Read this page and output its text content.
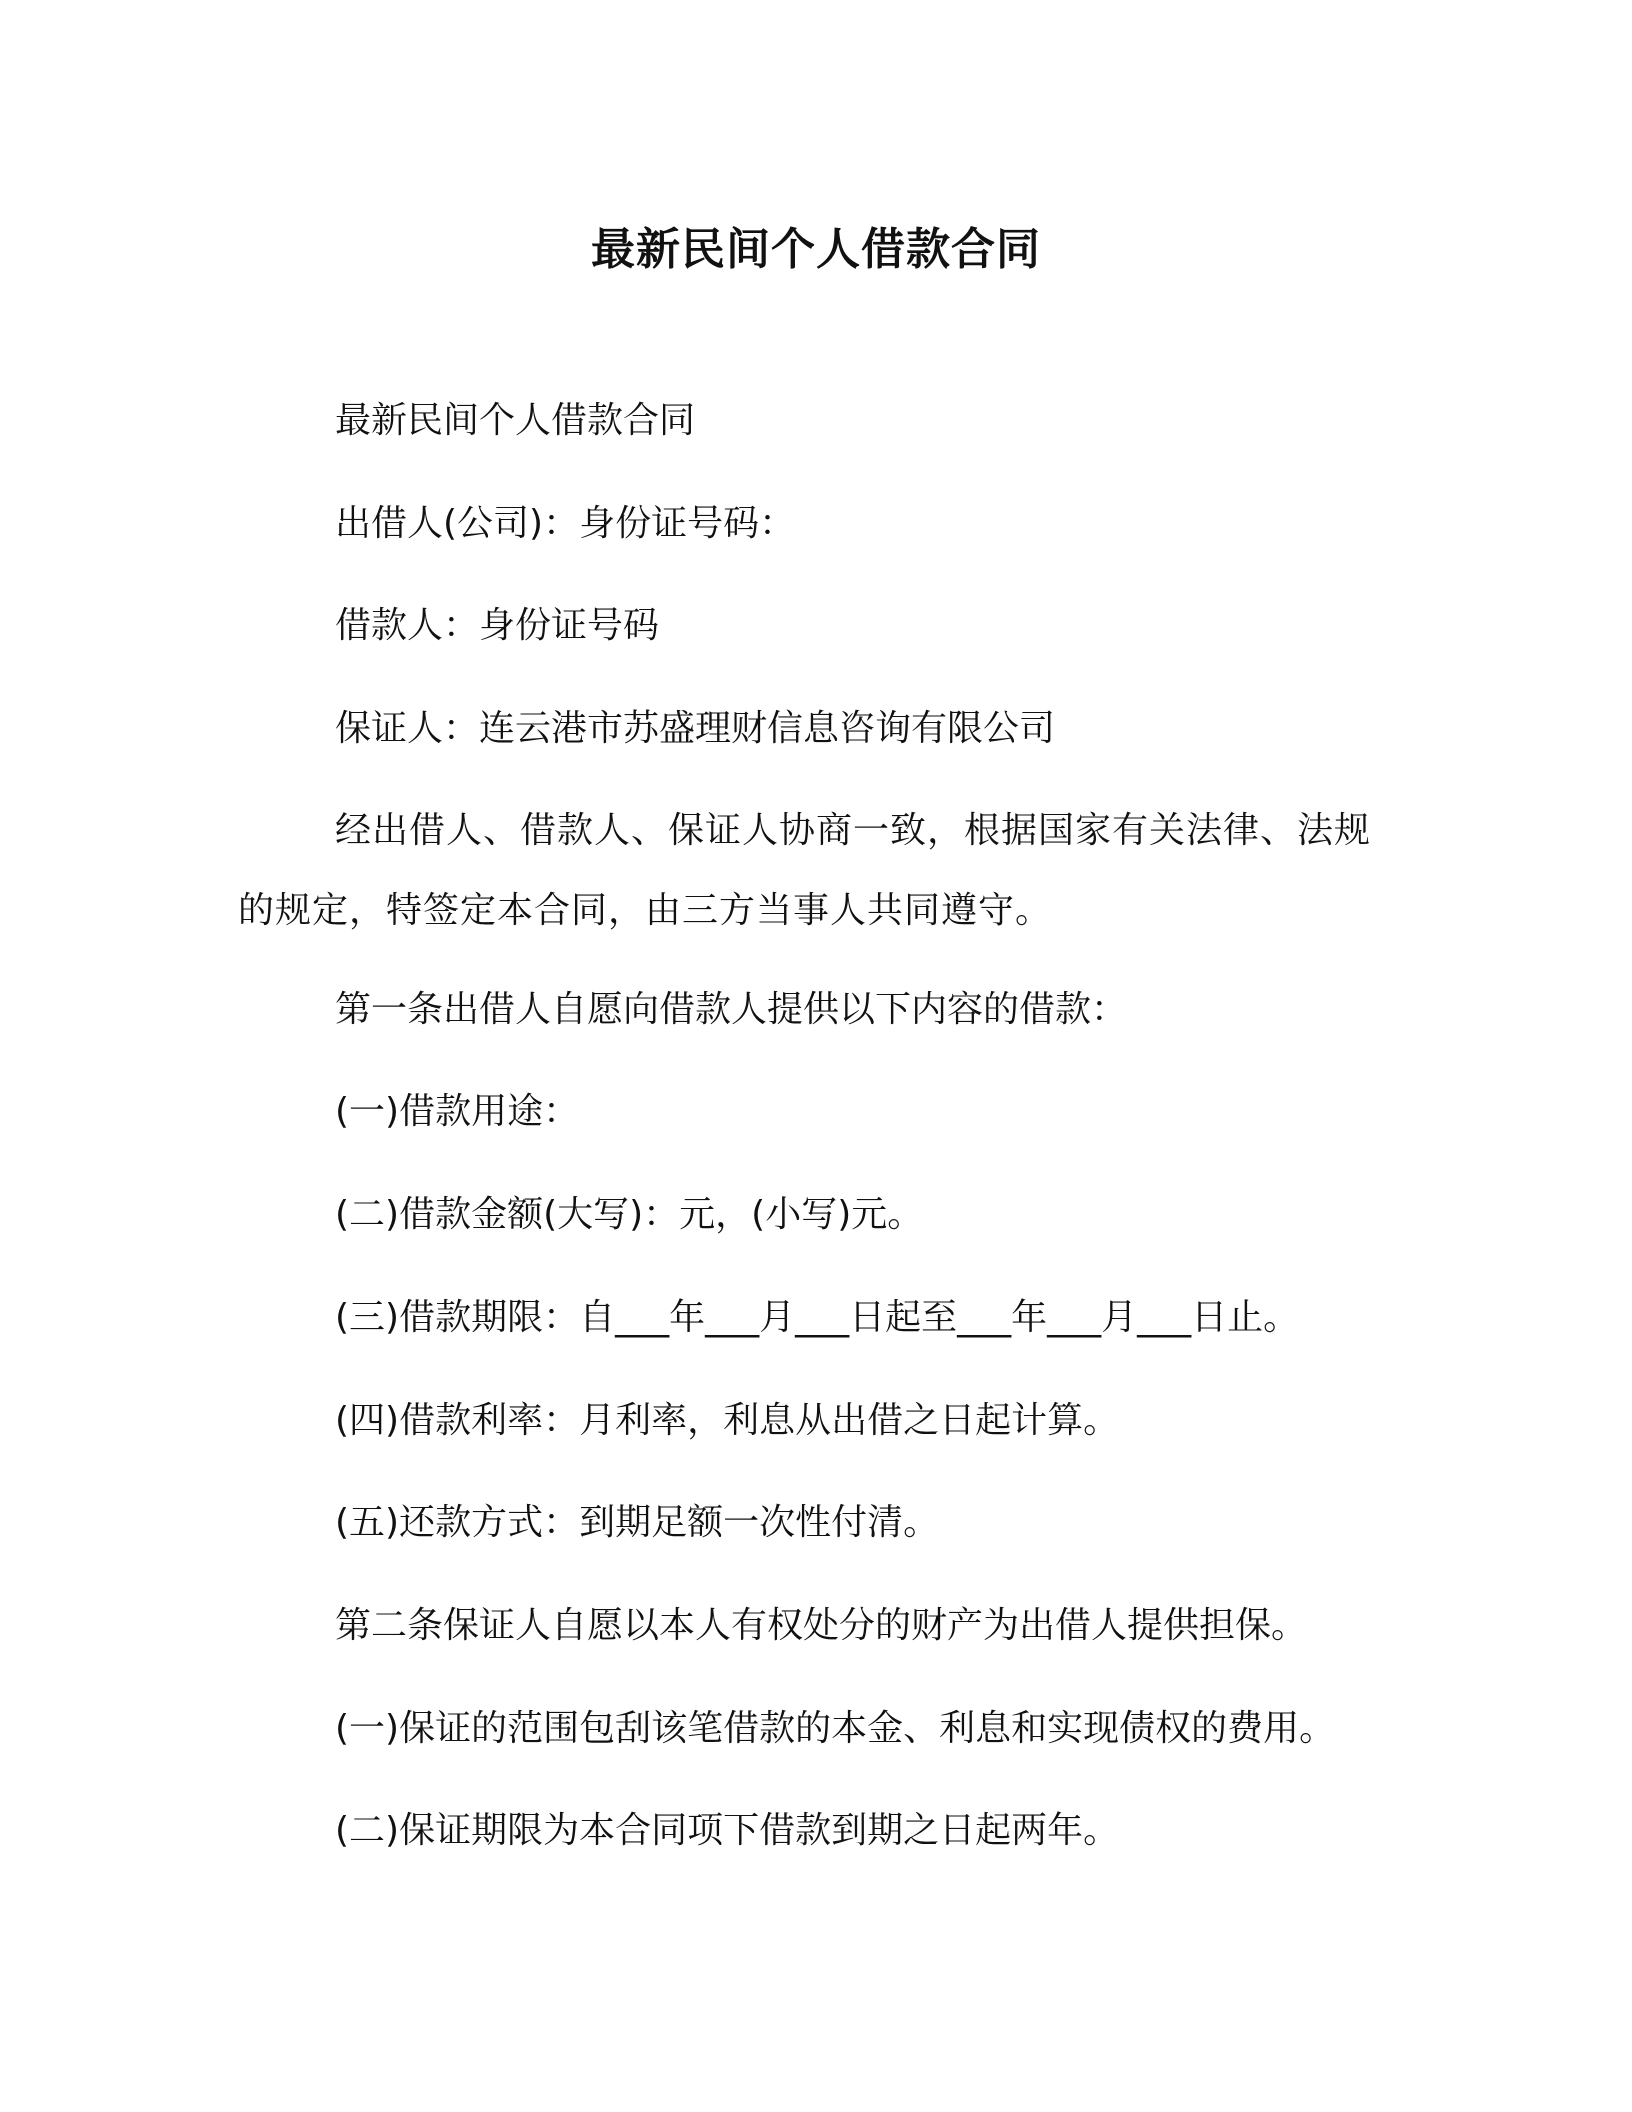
最新民间个人借款合同
最新民间个人借款合同
出借人(公司)：身份证号码：
借款人：身份证号码
保证人：连云港市苏盛理财信息咨询有限公司
经出借人、借款人、保证人协商一致，根据国家有关法律、法规的规定，特签定本合同，由三方当事人共同遵守。
第一条出借人自愿向借款人提供以下内容的借款：
(一)借款用途：
(二)借款金额(大写)：元，(小写)元。
(三)借款期限：自___年___月___日起至___年___月___日止。
(四)借款利率：月利率，利息从出借之日起计算。
(五)还款方式：到期足额一次性付清。
第二条保证人自愿以本人有权处分的财产为出借人提供担保。
(一)保证的范围包刮该笔借款的本金、利息和实现债权的费用。
(二)保证期限为本合同项下借款到期之日起两年。
